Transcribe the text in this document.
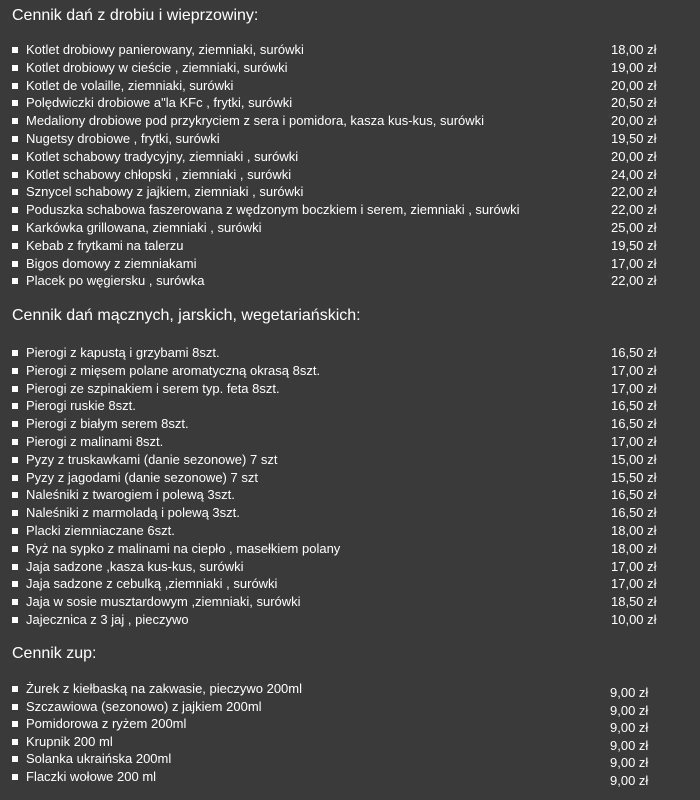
Cennik dań z drobiu i wieprzowiny:
Kotlet drobiowy panierowany, ziemniaki, surówki	18,00 zł
Kotlet drobiowy w cieście , ziemniaki, surówki	19,00 zł
Kotlet de volaille, ziemniaki, surówki	20,00 zł
Polędwiczki drobiowe a"la KFc , frytki, surówki	20,50 zł
Medaliony drobiowe pod przykryciem z sera i pomidora, kasza kus-kus, surówki	20,00 zł
Nugetsy drobiowe , frytki, surówki	19,50 zł
Kotlet schabowy tradycyjny, ziemniaki , surówki	20,00 zł
Kotlet schabowy chłopski , ziemniaki , surówki	24,00 zł
Sznycel schabowy z jajkiem, ziemniaki , surówki	22,00 zł
Poduszka schabowa faszerowana z wędzonym boczkiem i serem, ziemniaki , surówki	22,00 zł
Karkówka grillowana, ziemniaki , surówki	25,00 zł
Kebab z frytkami na talerzu	19,50 zł
Bigos domowy z ziemniakami	17,00 zł
Placek po węgiersku , surówka	22,00 zł
Cennik dań mącznych, jarskich, wegetariańskich:
Pierogi z kapustą i grzybami 8szt.	16,50 zł
Pierogi z mięsem polane aromatyczną okrasą 8szt.	17,00 zł
Pierogi ze szpinakiem i serem typ. feta 8szt.	17,00 zł
Pierogi ruskie 8szt.	16,50 zł
Pierogi z białym serem 8szt.	16,50 zł
Pierogi z malinami 8szt.	17,00 zł
Pyzy z truskawkami (danie sezonowe) 7 szt	15,00 zł
Pyzy z jagodami (danie sezonowe) 7 szt	15,50 zł
Naleśniki z twarogiem i polewą 3szt.	16,50 zł
Naleśniki z marmoladą i polewą 3szt.	16,50 zł
Placki ziemniaczane 6szt.	18,00 zł
Ryż na sypko z malinami na ciepło , masełkiem polany	18,00 zł
Jaja sadzone ,kasza kus-kus, surówki	17,00 zł
Jaja sadzone z cebulką ,ziemniaki , surówki	17,00 zł
Jaja w sosie musztardowym ,ziemniaki, surówki	18,50 zł
Jajecznica z 3 jaj , pieczywo	10,00 zł
Cennik zup:
Żurek z kiełbaską na zakwasie, pieczywo 200ml	9,00 zł
Szczawiowa (sezonowo) z jajkiem 200ml	9,00 zł
Pomidorowa z ryżem 200ml	9,00 zł
Krupnik 200 ml	9,00 zł
Solanka ukraińska 200ml	9,00 zł
Flaczki wołowe 200 ml	9,00 zł
